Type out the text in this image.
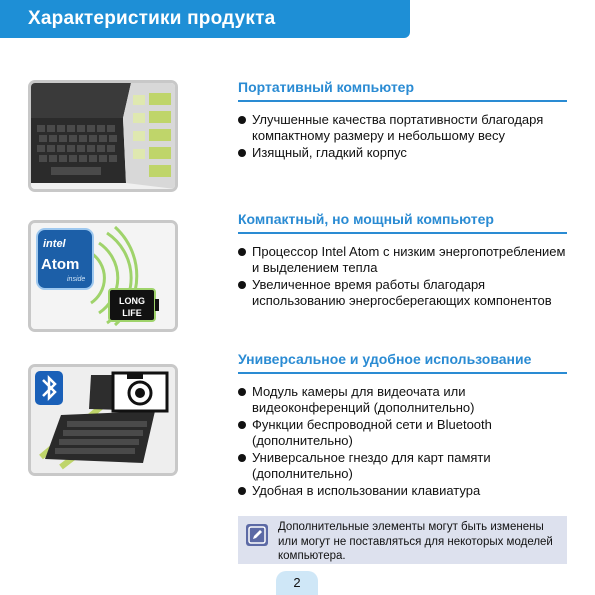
Характеристики продукта
intel
Atom
inside
LONG
LIFE
Портативный компьютер
Улучшенные качества портативности благодаря компактному размеру и небольшому весу
Изящный, гладкий корпус
Компактный, но мощный компьютер
Процессор Intel Atom с низким энергопотреблением и выделением тепла
Увеличенное время работы благодаря использованию энергосберегающих компонентов
Универсальное и удобное использование
Модуль камеры для видеочата или видеоконференций (дополнительно)
Функции беспроводной сети и Bluetooth (дополнительно)
Универсальное гнездо для карт памяти (дополнительно)
Удобная в использовании клавиатура
Дополнительные элементы могут быть изменены или могут не поставляться для некоторых моделей компьютера.
2
